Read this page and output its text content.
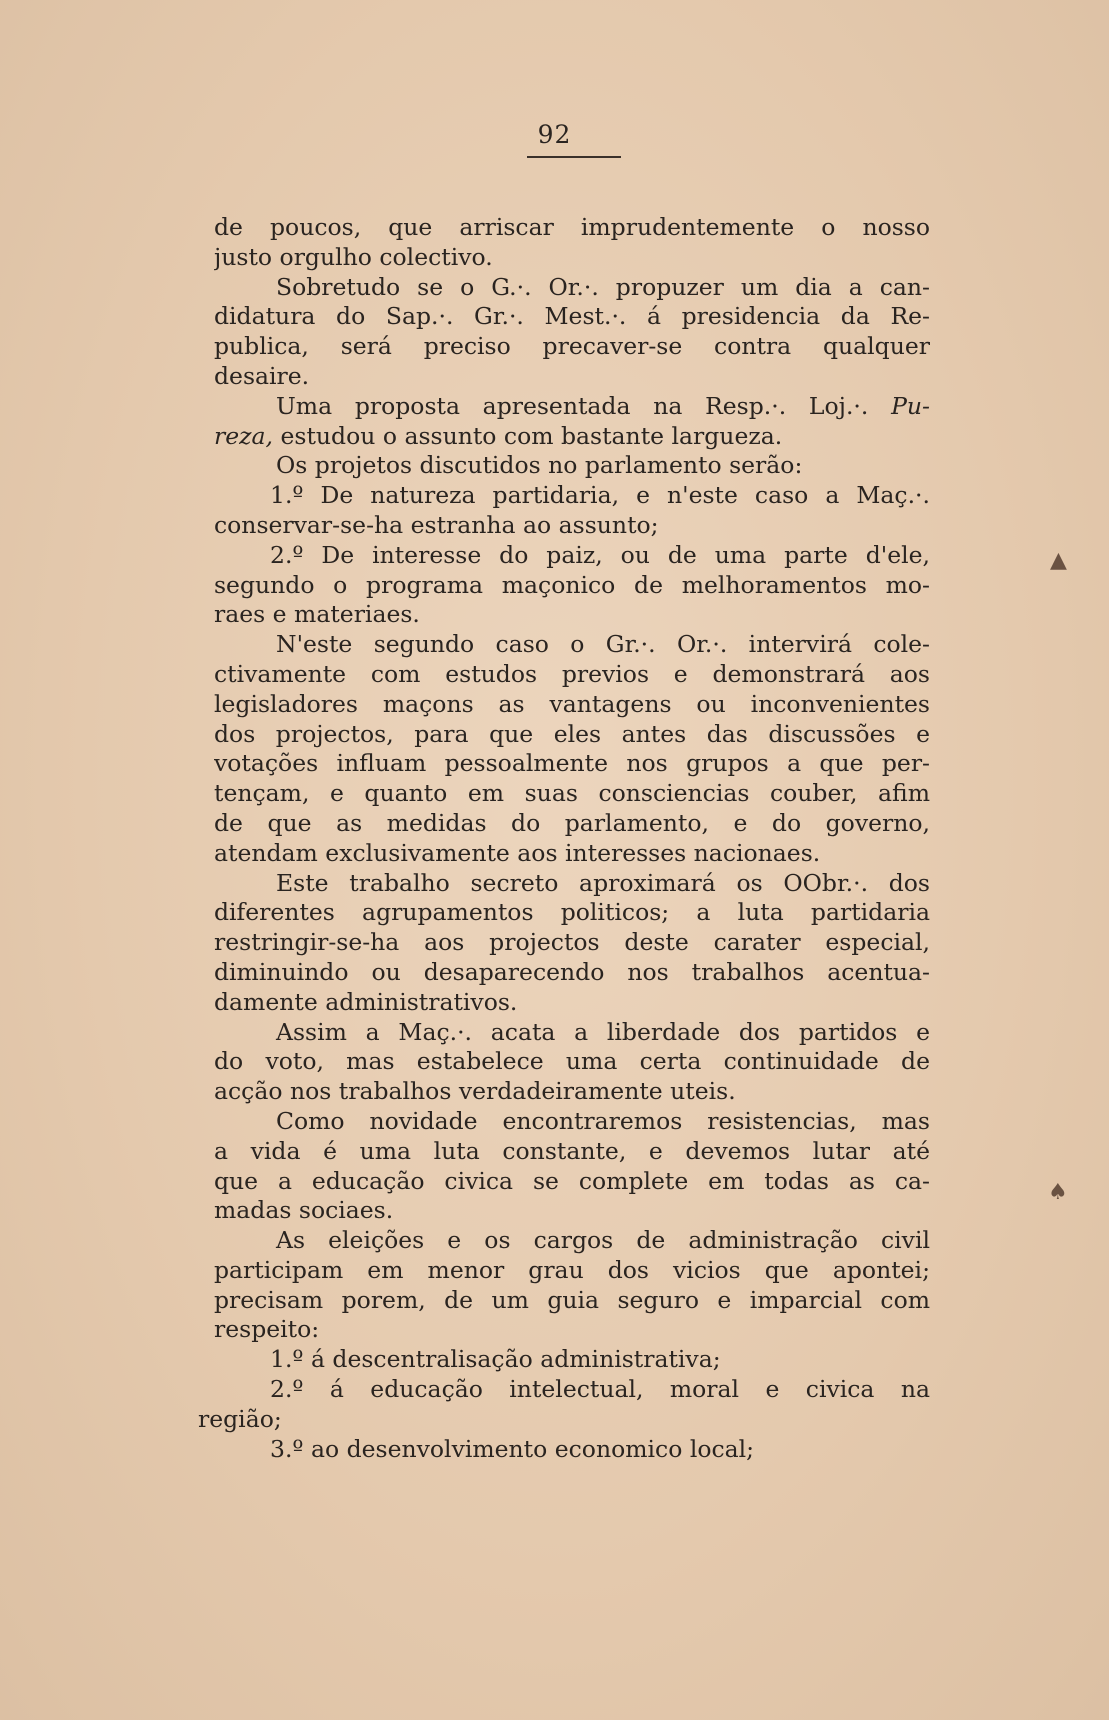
92
de poucos, que arriscar imprudentemente o nosso
justo orgulho colectivo.
Sobretudo se o G.·. Or.·. propuzer um dia a can-
didatura do Sap.·. Gr.·. Mest.·. á presidencia da Re-
publica, será preciso precaver-se contra qualquer
desaire.
Uma proposta apresentada na Resp.·. Loj.·. Pu-
reza, estudou o assunto com bastante largueza.
Os projetos discutidos no parlamento serão:
1.º De natureza partidaria, e n'este caso a Maç.·.
conservar-se-ha estranha ao assunto;
2.º De interesse do paiz, ou de uma parte d'ele,
segundo o programa maçonico de melhoramentos mo-
raes e materiaes.
N'este segundo caso o Gr.·. Or.·. intervirá cole-
ctivamente com estudos previos e demonstrará aos
legisladores maçons as vantagens ou inconvenientes
dos projectos, para que eles antes das discussões e
votações influam pessoalmente nos grupos a que per-
tençam, e quanto em suas consciencias couber, afim
de que as medidas do parlamento, e do governo,
atendam exclusivamente aos interesses nacionaes.
Este trabalho secreto aproximará os OObr.·. dos
diferentes agrupamentos politicos; a luta partidaria
restringir-se-ha aos projectos deste carater especial,
diminuindo ou desaparecendo nos trabalhos acentua-
damente administrativos.
Assim a Maç.·. acata a liberdade dos partidos e
do voto, mas estabelece uma certa continuidade de
acção nos trabalhos verdadeiramente uteis.
Como novidade encontraremos resistencias, mas
a vida é uma luta constante, e devemos lutar até
que a educação civica se complete em todas as ca-
madas sociaes.
As eleições e os cargos de administração civil
participam em menor grau dos vicios que apontei;
precisam porem, de um guia seguro e imparcial com
respeito:
1.º á descentralisação administrativa;
2.º á educação intelectual, moral e civica na
região;
3.º ao desenvolvimento economico local;
▲
♠
